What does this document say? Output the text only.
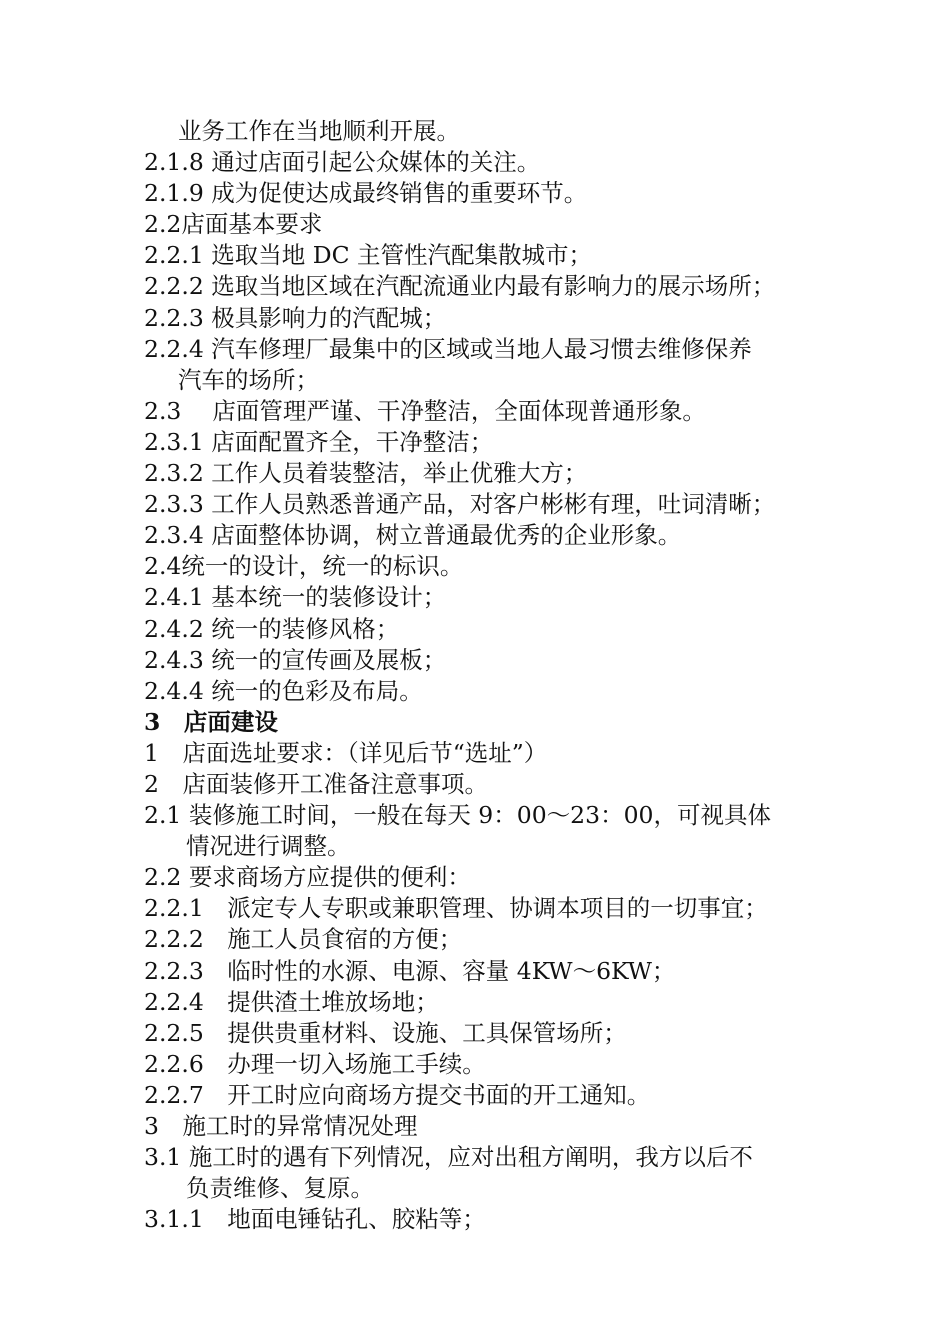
业务工作在当地顺利开展。
2.1.8 通过店面引起公众媒体的关注。
2.1.9 成为促使达成最终销售的重要环节。
2.2店面基本要求
2.2.1 选取当地 DC 主管性汽配集散城市；
2.2.2 选取当地区域在汽配流通业内最有影响力的展示场所；
2.2.3 极具影响力的汽配城；
2.2.4 汽车修理厂最集中的区域或当地人最习惯去维修保养
汽车的场所；
2.3　 店面管理严谨、干净整洁，全面体现普通形象。
2.3.1 店面配置齐全，干净整洁；
2.3.2 工作人员着装整洁，举止优雅大方；
2.3.3 工作人员熟悉普通产品，对客户彬彬有理，吐词清晰；
2.3.4 店面整体协调，树立普通最优秀的企业形象。
2.4统一的设计，统一的标识。
2.4.1 基本统一的装修设计；
2.4.2 统一的装修风格；
2.4.3 统一的宣传画及展板；
2.4.4 统一的色彩及布局。
3　店面建设
1　店面选址要求：（详见后节“选址”）
2　店面装修开工准备注意事项。
2.1 装修施工时间，一般在每天 9：00～23：00，可视具体
情况进行调整。
2.2 要求商场方应提供的便利：
2.2.1　派定专人专职或兼职管理、协调本项目的一切事宜；
2.2.2　施工人员食宿的方便；
2.2.3　临时性的水源、电源、容量 4KW～6KW；
2.2.4　提供渣土堆放场地；
2.2.5　提供贵重材料、设施、工具保管场所；
2.2.6　办理一切入场施工手续。
2.2.7　开工时应向商场方提交书面的开工通知。
3　施工时的异常情况处理
3.1 施工时的遇有下列情况，应对出租方阐明，我方以后不
负责维修、复原。
3.1.1　地面电锤钻孔、胶粘等；
